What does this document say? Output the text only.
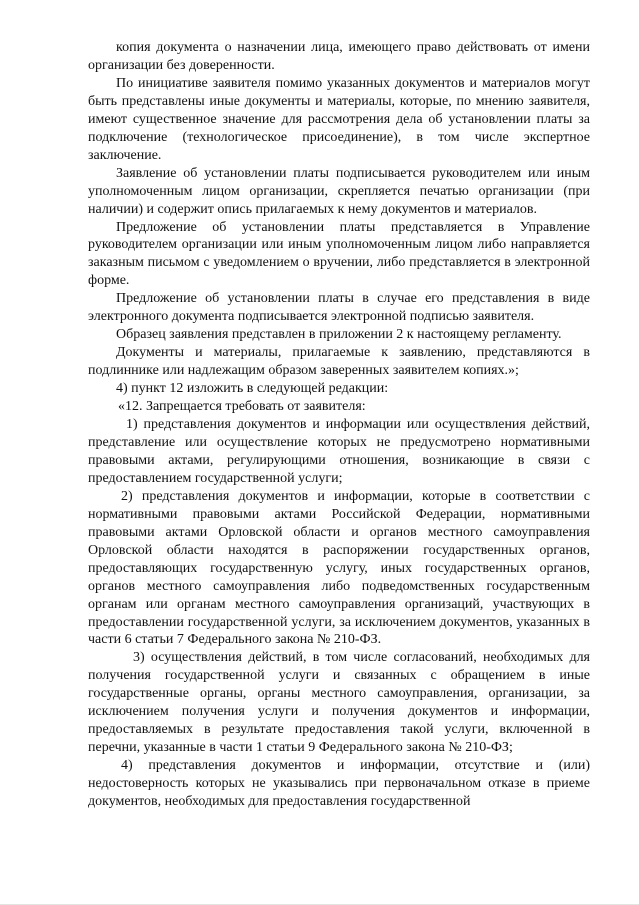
копия документа о назначении лица, имеющего право действовать от имени организации без доверенности.

По инициативе заявителя помимо указанных документов и материалов могут быть представлены иные документы и материалы, которые, по мнению заявителя, имеют существенное значение для рассмотрения дела об установлении платы за подключение (технологическое присоединение), в том числе экспертное заключение.

Заявление об установлении платы подписывается руководителем или иным уполномоченным лицом организации, скрепляется печатью организации (при наличии) и содержит опись прилагаемых к нему документов и материалов.

Предложение об установлении платы представляется в Управление руководителем организации или иным уполномоченным лицом либо направляется заказным письмом с уведомлением о вручении, либо представляется в электронной форме.

Предложение об установлении платы в случае его представления в виде электронного документа подписывается электронной подписью заявителя.

Образец заявления представлен в приложении 2 к настоящему регламенту.

Документы и материалы, прилагаемые к заявлению, представляются в подлиннике или надлежащим образом заверенных заявителем копиях.»;

4) пункт 12 изложить в следующей редакции:

«12. Запрещается требовать от заявителя:

1) представления документов и информации или осуществления действий, представление или осуществление которых не предусмотрено нормативными правовыми актами, регулирующими отношения, возникающие в связи с предоставлением государственной услуги;

2) представления документов и информации, которые в соответствии с нормативными правовыми актами Российской Федерации, нормативными правовыми актами Орловской области и органов местного самоуправления Орловской области находятся в распоряжении государственных органов, предоставляющих государственную услугу, иных государственных органов, органов местного самоуправления либо подведомственных государственным органам или органам местного самоуправления организаций, участвующих в предоставлении государственной услуги, за исключением документов, указанных в части 6 статьи 7 Федерального закона № 210-ФЗ.

3) осуществления действий, в том числе согласований, необходимых для получения государственной услуги и связанных с обращением в иные государственные органы, органы местного самоуправления, организации, за исключением получения услуги и получения документов и информации, предоставляемых в результате предоставления такой услуги, включенной в перечни, указанные в части 1 статьи 9 Федерального закона № 210-ФЗ;

4) представления документов и информации, отсутствие и (или) недостоверность которых не указывались при первоначальном отказе в приеме документов, необходимых для предоставления государственной
